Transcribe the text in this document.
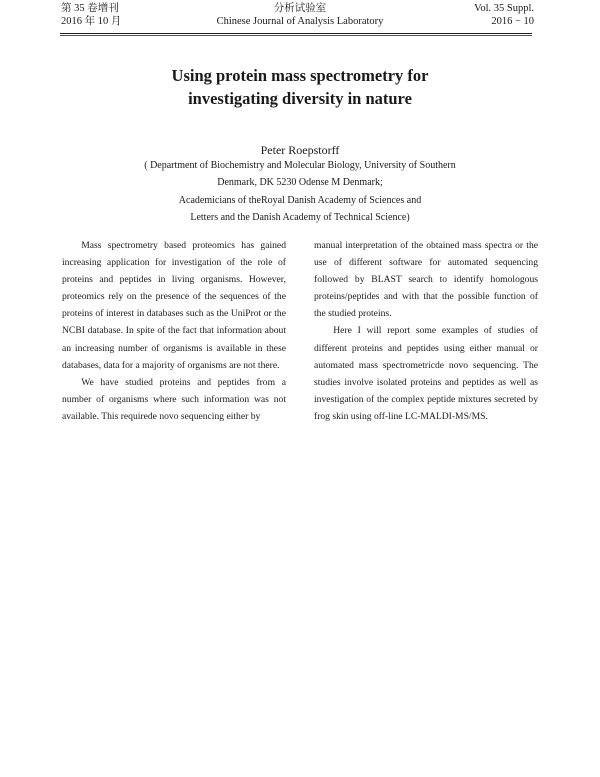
第 35 卷增刊
2016 年 10 月
分析试验室
Chinese Journal of Analysis Laboratory
Vol. 35 Suppl.
2016 − 10
Using protein mass spectrometry for
investigating diversity in nature
Peter Roepstorff
( Department of Biochemistry and Molecular Biology, University of Southern
Denmark, DK 5230 Odense M Denmark;
Academicians of theRoyal Danish Academy of Sciences and
Letters and the Danish Academy of Technical Science)

Mass spectrometry based proteomics has gained increasing application for investigation of the role of proteins and peptides in living organisms. However, proteomics rely on the presence of the sequences of the proteins of interest in databases such as the UniProt or the NCBI database. In spite of the fact that information about an increasing number of organisms is available in these databases, data for a majority of organisms are not there.

We have studied proteins and peptides from a number of organisms where such information was not available. This requirede novo sequencing either by

manual interpretation of the obtained mass spectra or the use of different software for automated sequencing followed by BLAST search to identify homologous proteins/peptides and with that the possible function of the studied proteins.

Here I will report some examples of studies of different proteins and peptides using either manual or automated mass spectrometricde novo sequencing. The studies involve isolated proteins and peptides as well as investigation of the complex peptide mixtures secreted by frog skin using off-line LC-MALDI-MS/MS.
